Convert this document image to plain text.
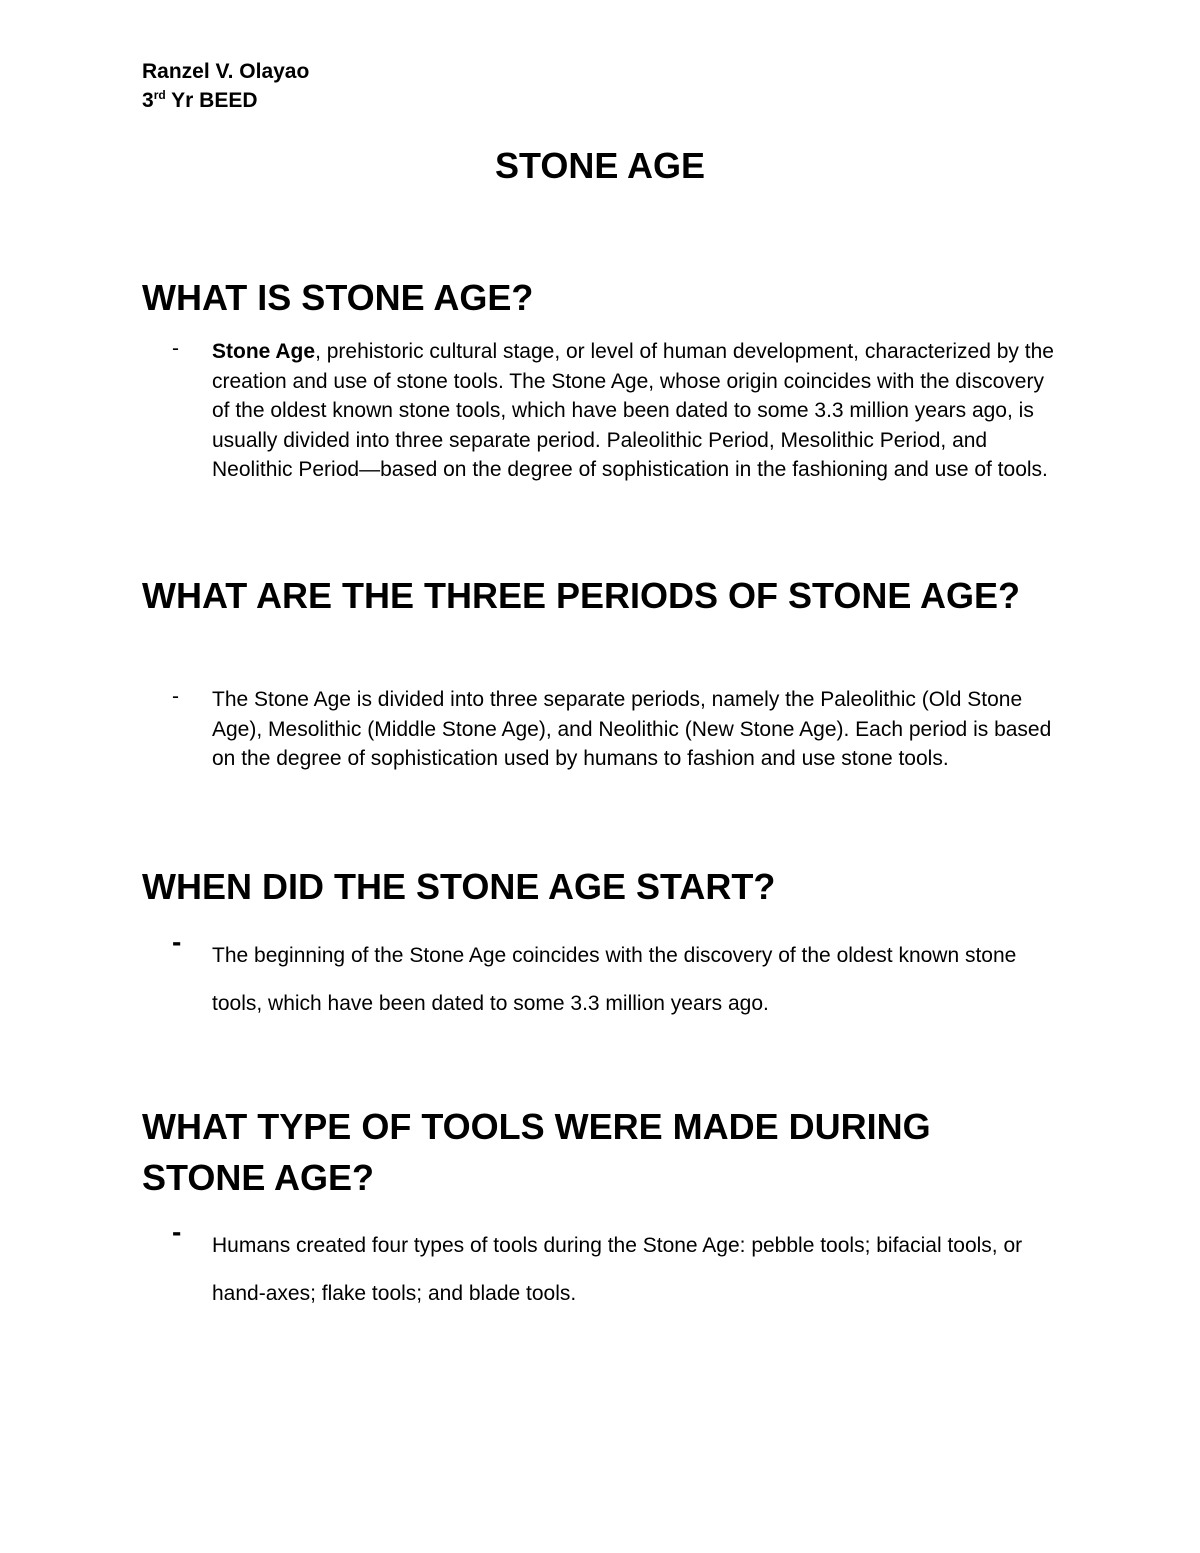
Ranzel V. Olayao
3rd Yr BEED
STONE AGE
WHAT IS STONE AGE?
- Stone Age, prehistoric cultural stage, or level of human development, characterized by the creation and use of stone tools. The Stone Age, whose origin coincides with the discovery of the oldest known stone tools, which have been dated to some 3.3 million years ago, is usually divided into three separate period. Paleolithic Period, Mesolithic Period, and Neolithic Period—based on the degree of sophistication in the fashioning and use of tools.

WHAT ARE THE THREE PERIODS OF STONE AGE?
- The Stone Age is divided into three separate periods, namely the Paleolithic (Old Stone Age), Mesolithic (Middle Stone Age), and Neolithic (New Stone Age). Each period is based on the degree of sophistication used by humans to fashion and use stone tools.

WHEN DID THE STONE AGE START?
- The beginning of the Stone Age coincides with the discovery of the oldest known stone tools, which have been dated to some 3.3 million years ago.

WHAT TYPE OF TOOLS WERE MADE DURING STONE AGE?
- Humans created four types of tools during the Stone Age: pebble tools; bifacial tools, or hand-axes; flake tools; and blade tools.
